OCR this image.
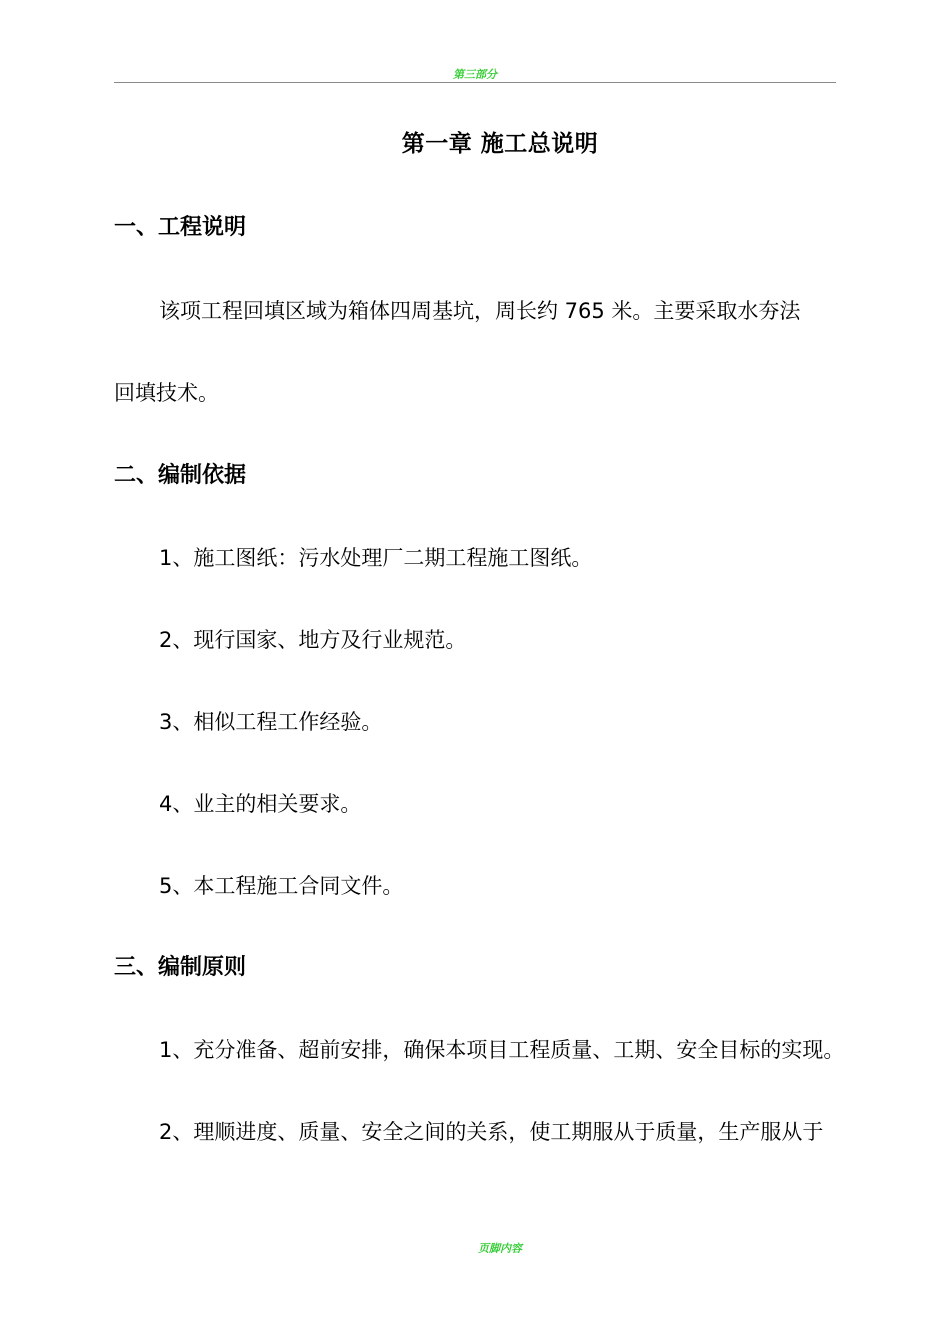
第三部分
第一章 施工总说明
一、工程说明
该项工程回填区域为箱体四周基坑，周长约 765 米。主要采取水夯法
回填技术。
二、编制依据
1、施工图纸：污水处理厂二期工程施工图纸。
2、现行国家、地方及行业规范。
3、相似工程工作经验。
4、业主的相关要求。
5、本工程施工合同文件。
三、编制原则
1、充分准备、超前安排，确保本项目工程质量、工期、安全目标的实现。
2、理顺进度、质量、安全之间的关系，使工期服从于质量，生产服从于
页脚内容
